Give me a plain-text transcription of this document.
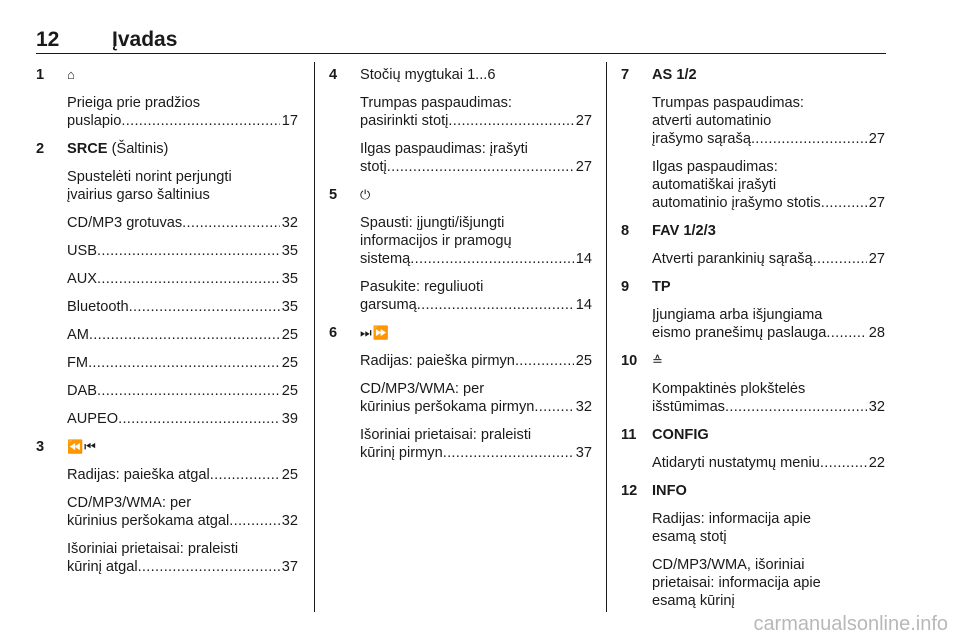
12	Įvadas
1 ⌂
Prieiga prie pradžios
puslapio .....	17
2 SRCE (Šaltinis)
Spustelėti norint perjungti
įvairius garso šaltinius
CD/MP3 grotuvas .....	32
USB .....	35
AUX .....	35
Bluetooth .....	35
AM .....	25
FM .....	25
DAB .....	25
AUPEO .....	39
3 ⏪⏮
Radijas: paieška atgal .....	25
CD/MP3/WMA: per
kūrinius peršokama atgal .....	32
Išoriniai prietaisai: praleisti
kūrinį atgal .....	37
4 Stočių mygtukai 1...6
Trumpas paspaudimas:
pasirinkti stotį .....	27
Ilgas paspaudimas: įrašyti
stotį .....	27
5 ⏻
Spausti: įjungti/išjungti
informacijos ir pramogų
sistemą .....	14
Pasukite: reguliuoti
garsumą .....	14
6 ⏭⏩
Radijas: paieška pirmyn .....	25
CD/MP3/WMA: per
kūrinius peršokama pirmyn .....	32
Išoriniai prietaisai: praleisti
kūrinį pirmyn .....	37
7 AS 1/2
Trumpas paspaudimas:
atverti automatinio
įrašymo sąrašą .....	27
Ilgas paspaudimas:
automatiškai įrašyti
automatinio įrašymo stotis .....	27
8 FAV 1/2/3
Atverti parankinių sąrašą .....	27
9 TP
Įjungiama arba išjungiama
eismo pranešimų paslauga .....	28
10 ≙
Kompaktinės plokštelės
išstūmimas .....	32
11 CONFIG
Atidaryti nustatymų meniu .....	22
12 INFO
Radijas: informacija apie
esamą stotį
CD/MP3/WMA, išoriniai
prietaisai: informacija apie
esamą kūrinį
carmanualsonline.info
